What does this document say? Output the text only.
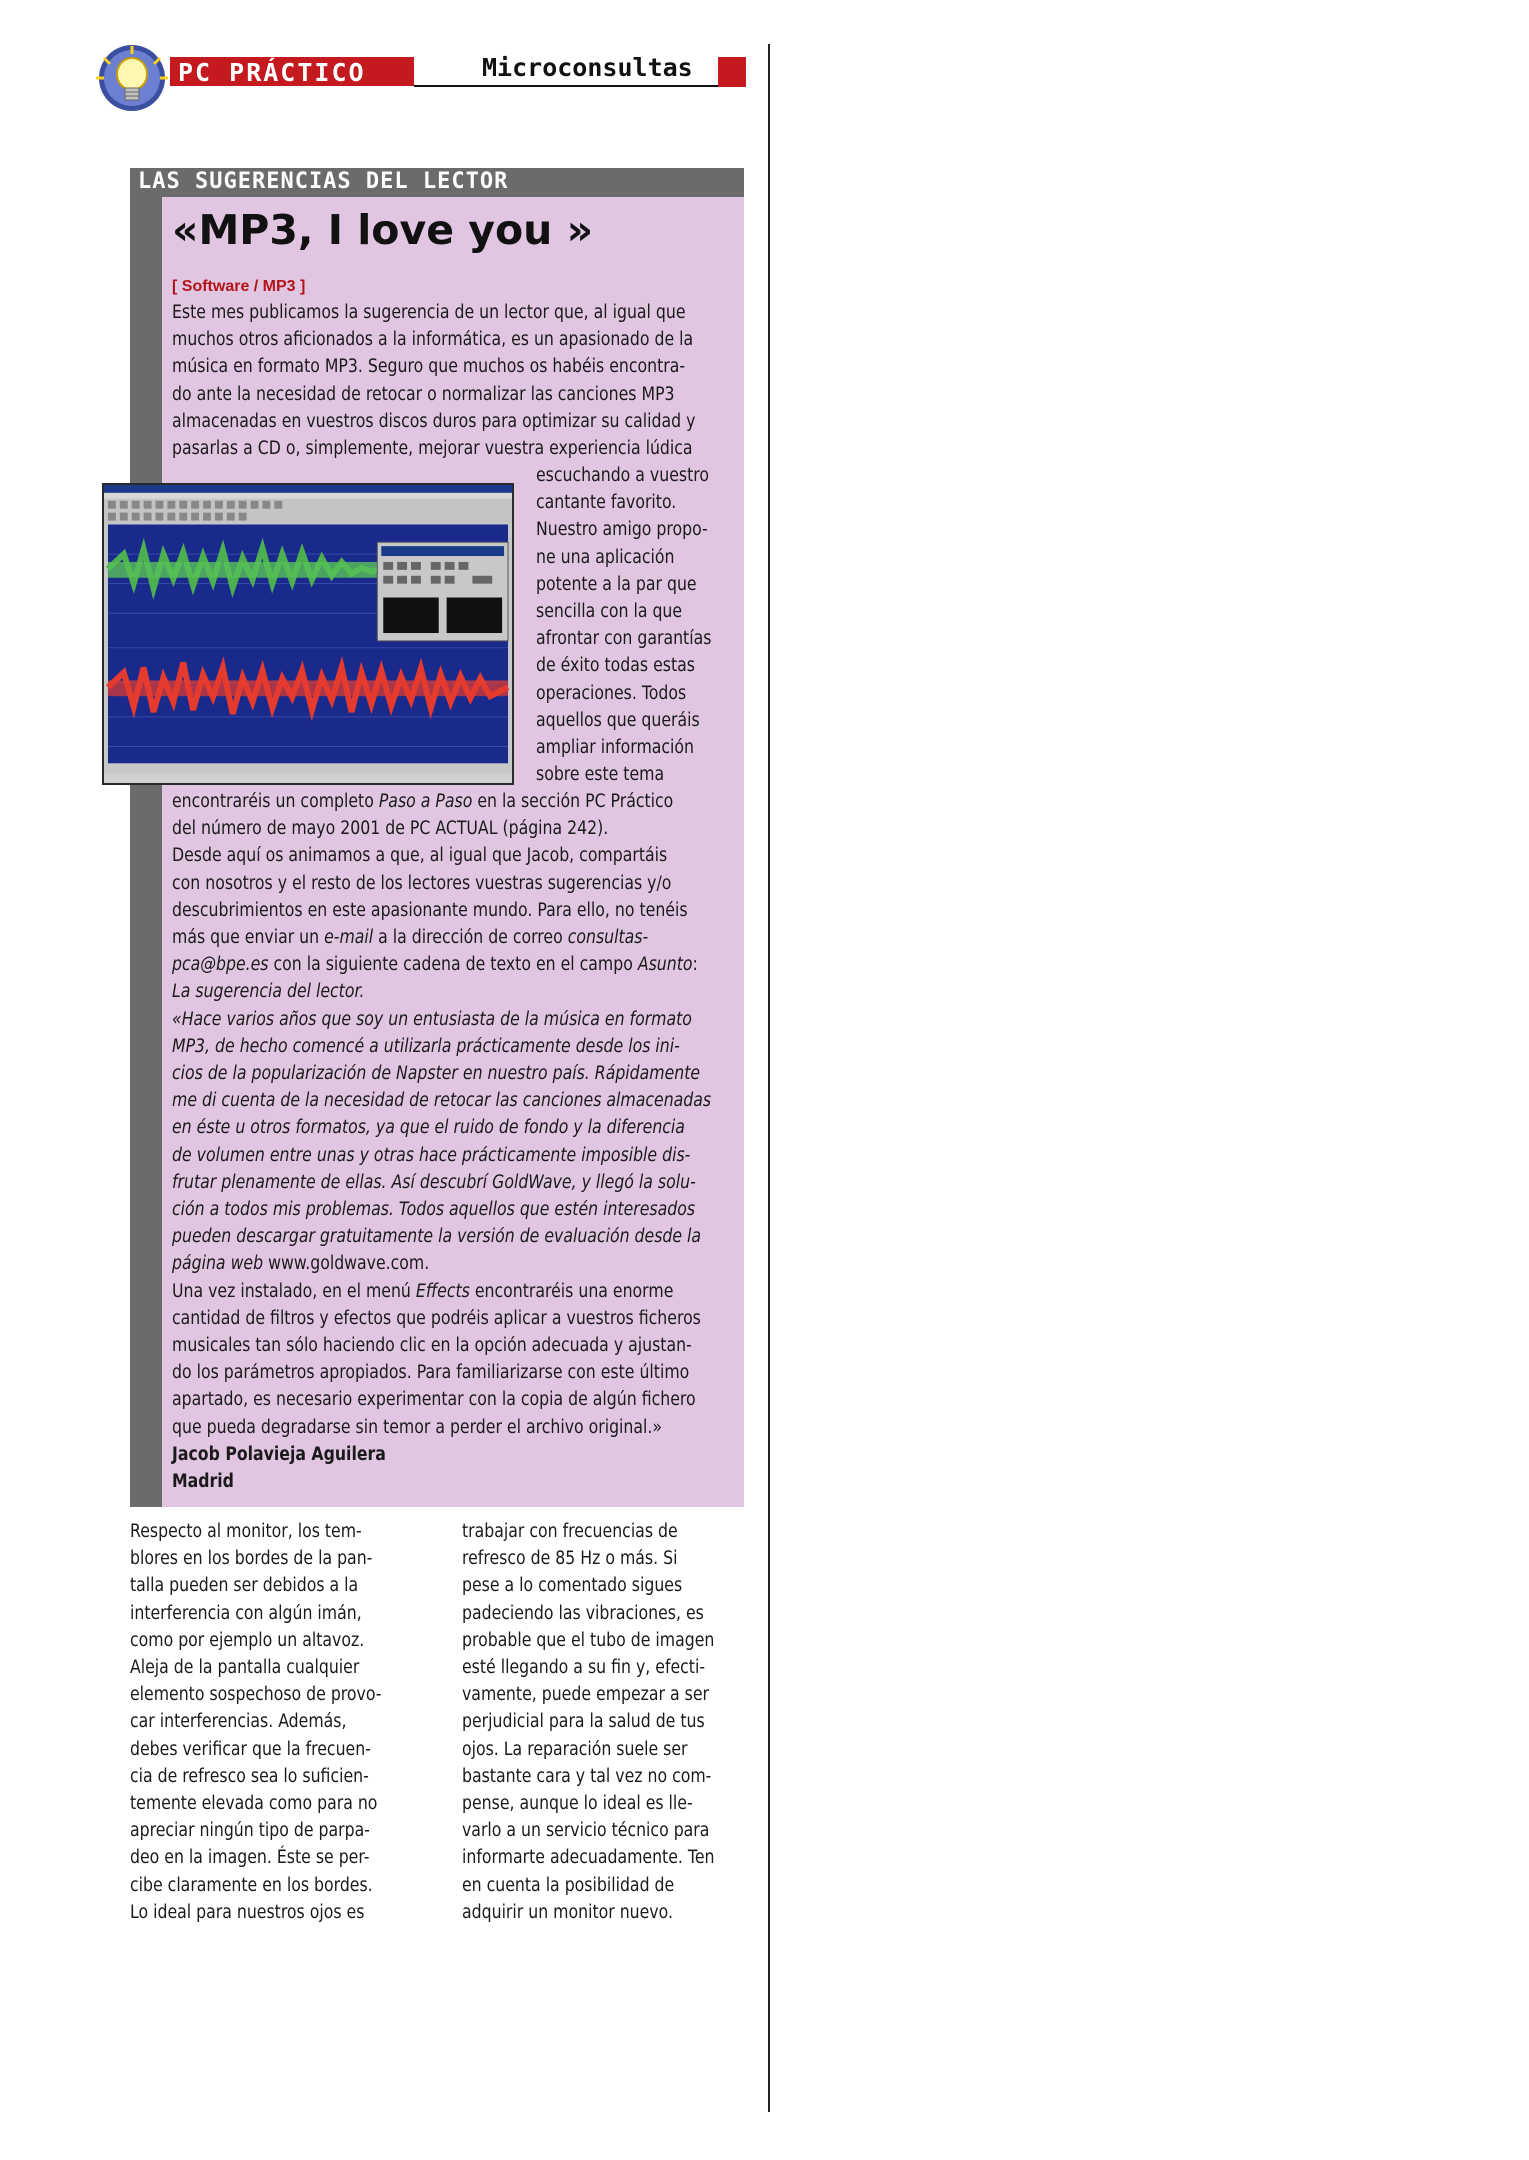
PC PRÁCTICO	Microconsultas
LAS SUGERENCIAS DEL LECTOR
«MP3, I love you »
[ Software / MP3 ]

Este mes publicamos la sugerencia de un lector que, al igual que

muchos otros aficionados a la informática, es un apasionado de la

música en formato MP3. Seguro que muchos os habéis encontra-

do ante la necesidad de retocar o normalizar las canciones MP3

almacenadas en vuestros discos duros para optimizar su calidad y

pasarlas a CD o, simplemente, mejorar vuestra experiencia lúdica

escuchando a vuestro

cantante favorito.

Nuestro amigo propo-

ne una aplicación

potente a la par que

sencilla con la que

afrontar con garantías

de éxito todas estas

operaciones. Todos

aquellos que queráis

ampliar información

sobre este tema

encontraréis un completo Paso a Paso en la sección PC Práctico

del número de mayo 2001 de PC ACTUAL (página 242).

Desde aquí os animamos a que, al igual que Jacob, compartáis

con nosotros y el resto de los lectores vuestras sugerencias y/o

descubrimientos en este apasionante mundo. Para ello, no tenéis

más que enviar un e-mail a la dirección de correo consultas-

pca@bpe.es con la siguiente cadena de texto en el campo Asunto:

La sugerencia del lector.

«Hace varios años que soy un entusiasta de la música en formato

MP3, de hecho comencé a utilizarla prácticamente desde los ini-

cios de la popularización de Napster en nuestro país. Rápidamente

me di cuenta de la necesidad de retocar las canciones almacenadas

en éste u otros formatos, ya que el ruido de fondo y la diferencia

de volumen entre unas y otras hace prácticamente imposible dis-

frutar plenamente de ellas. Así descubrí GoldWave, y llegó la solu-

ción a todos mis problemas. Todos aquellos que estén interesados

pueden descargar gratuitamente la versión de evaluación desde la

página web www.goldwave.com.

Una vez instalado, en el menú Effects encontraréis una enorme

cantidad de filtros y efectos que podréis aplicar a vuestros ficheros

musicales tan sólo haciendo clic en la opción adecuada y ajustan-

do los parámetros apropiados. Para familiarizarse con este último

apartado, es necesario experimentar con la copia de algún fichero

que pueda degradarse sin temor a perder el archivo original.»

Jacob Polavieja Aguilera

Madrid

Respecto al monitor, los tem-

blores en los bordes de la pan-

talla pueden ser debidos a la

interferencia con algún imán,

como por ejemplo un altavoz.

Aleja de la pantalla cualquier

elemento sospechoso de provo-

car interferencias. Además,

debes verificar que la frecuen-

cia de refresco sea lo suficien-

temente elevada como para no

apreciar ningún tipo de parpa-

deo en la imagen. Éste se per-

cibe claramente en los bordes.

Lo ideal para nuestros ojos es

trabajar con frecuencias de

refresco de 85 Hz o más. Si

pese a lo comentado sigues

padeciendo las vibraciones, es

probable que el tubo de imagen

esté llegando a su fin y, efecti-

vamente, puede empezar a ser

perjudicial para la salud de tus

ojos. La reparación suele ser

bastante cara y tal vez no com-

pense, aunque lo ideal es lle-

varlo a un servicio técnico para

informarte adecuadamente. Ten

en cuenta la posibilidad de

adquirir un monitor nuevo.
